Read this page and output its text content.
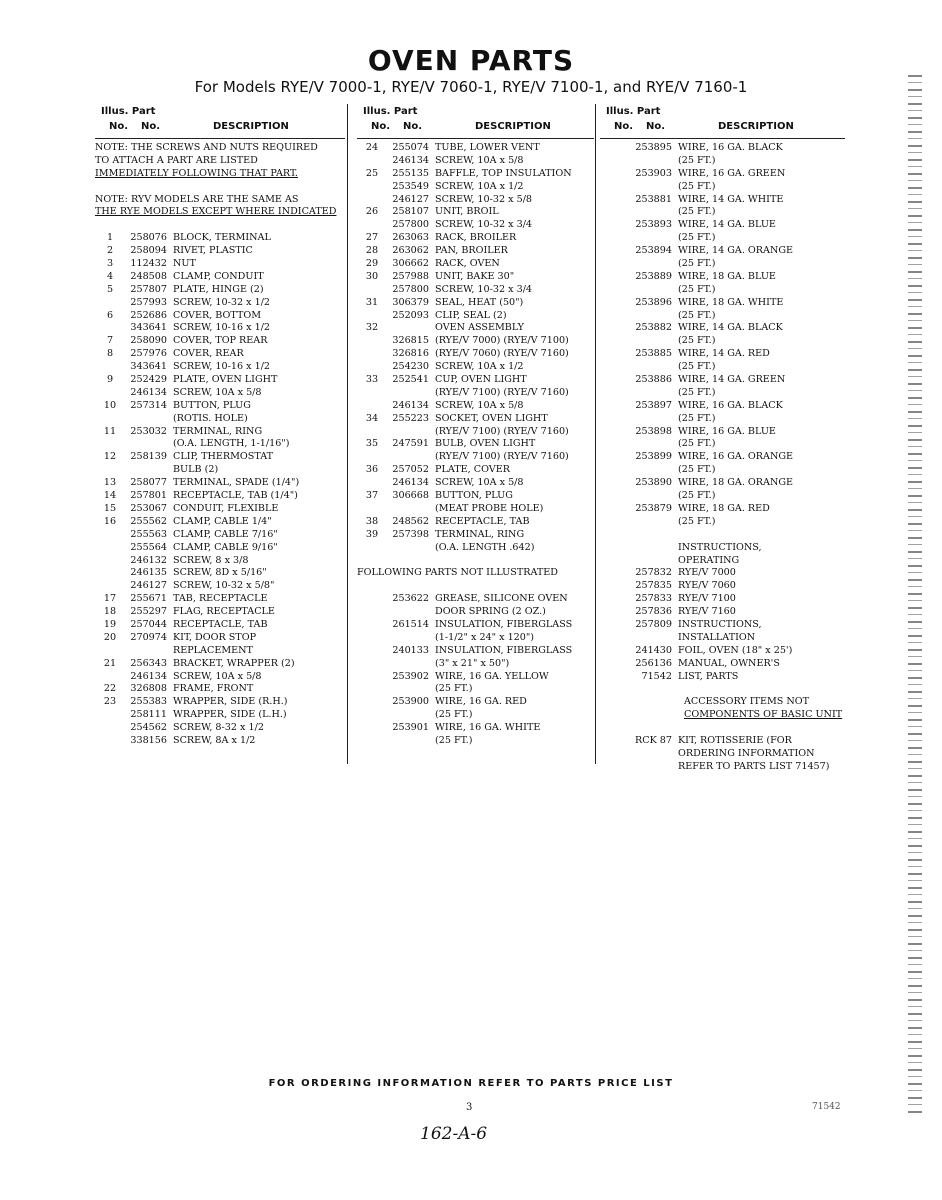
OVEN PARTS
For Models RYE/V 7000-1, RYE/V 7060-1, RYE/V 7100-1, and RYE/V 7160-1
Illus. Part
No. No.	DESCRIPTION
NOTE: THE SCREWS AND NUTS REQUIRED
TO ATTACH A PART ARE LISTED
IMMEDIATELY FOLLOWING THAT PART.
NOTE: RYV MODELS ARE THE SAME AS
THE RYE MODELS EXCEPT WHERE INDICATED
1	258076 BLOCK, TERMINAL
2	258094 RIVET, PLASTIC
3	112432 NUT
4	248508 CLAMP, CONDUIT
5	257807 PLATE, HINGE (2)
257993 SCREW, 10-32 x 1/2
6	252686 COVER, BOTTOM
343641 SCREW, 10-16 x 1/2
7	258090 COVER, TOP REAR
8	257976 COVER, REAR
343641 SCREW, 10-16 x 1/2
9	252429 PLATE, OVEN LIGHT
246134 SCREW, 10A x 5/8
10	257314 BUTTON, PLUG
(ROTIS. HOLE)
11	253032 TERMINAL, RING
(O.A. LENGTH, 1-1/16")
12	258139 CLIP, THERMOSTAT
BULB (2)
13	258077 TERMINAL, SPADE (1/4")
14	257801 RECEPTACLE, TAB (1/4")
15	253067 CONDUIT, FLEXIBLE
16	255562 CLAMP, CABLE 1/4"
255563 CLAMP, CABLE 7/16"
255564 CLAMP, CABLE 9/16"
246132 SCREW, 8 x 3/8
246135 SCREW, 8D x 5/16"
246127 SCREW, 10-32 x 5/8"
17	255671 TAB, RECEPTACLE
18	255297 FLAG, RECEPTACLE
19	257044 RECEPTACLE, TAB
20	270974 KIT, DOOR STOP
REPLACEMENT
21	256343 BRACKET, WRAPPER (2)
246134 SCREW, 10A x 5/8
22	326808 FRAME, FRONT
23	255383 WRAPPER, SIDE (R.H.)
258111 WRAPPER, SIDE (L.H.)
254562 SCREW, 8-32 x 1/2
338156 SCREW, 8A x 1/2
Illus. Part
No. No.	DESCRIPTION
24	255074 TUBE, LOWER VENT
246134 SCREW, 10A x 5/8
25	255135 BAFFLE, TOP INSULATION
253549 SCREW, 10A x 1/2
246127 SCREW, 10-32 x 5/8
26	258107 UNIT, BROIL
257800 SCREW, 10-32 x 3/4
27	263063 RACK, BROILER
28	263062 PAN, BROILER
29	306662 RACK, OVEN
30	257988 UNIT, BAKE 30"
257800 SCREW, 10-32 x 3/4
31	306379 SEAL, HEAT (50")
252093 CLIP, SEAL (2)
32	OVEN ASSEMBLY
326815 (RYE/V 7000) (RYE/V 7100)
326816 (RYE/V 7060) (RYE/V 7160)
254230 SCREW, 10A x 1/2
33	252541 CUP, OVEN LIGHT
(RYE/V 7100) (RYE/V 7160)
246134 SCREW, 10A x 5/8
34	255223 SOCKET, OVEN LIGHT
(RYE/V 7100) (RYE/V 7160)
35	247591 BULB, OVEN LIGHT
(RYE/V 7100) (RYE/V 7160)
36	257052 PLATE, COVER
246134 SCREW, 10A x 5/8
37	306668 BUTTON, PLUG
(MEAT PROBE HOLE)
38	248562 RECEPTACLE, TAB
39	257398 TERMINAL, RING
(O.A. LENGTH .642)
FOLLOWING PARTS NOT ILLUSTRATED
253622 GREASE, SILICONE OVEN
DOOR SPRING (2 OZ.)
261514 INSULATION, FIBERGLASS
(1-1/2" x 24" x 120")
240133 INSULATION, FIBERGLASS
(3" x 21" x 50")
253902 WIRE, 16 GA. YELLOW
(25 FT.)
253900 WIRE, 16 GA. RED
(25 FT.)
253901 WIRE, 16 GA. WHITE
(25 FT.)
Illus. Part
No. No.	DESCRIPTION
253895 WIRE, 16 GA. BLACK
(25 FT.)
253903 WIRE, 16 GA. GREEN
(25 FT.)
253881 WIRE, 14 GA. WHITE
(25 FT.)
253893 WIRE, 14 GA. BLUE
(25 FT.)
253894 WIRE, 14 GA. ORANGE
(25 FT.)
253889 WIRE, 18 GA. BLUE
(25 FT.)
253896 WIRE, 18 GA. WHITE
(25 FT.)
253882 WIRE, 14 GA. BLACK
(25 FT.)
253885 WIRE, 14 GA. RED
(25 FT.)
253886 WIRE, 14 GA. GREEN
(25 FT.)
253897 WIRE, 16 GA. BLACK
(25 FT.)
253898 WIRE, 16 GA. BLUE
(25 FT.)
253899 WIRE, 16 GA. ORANGE
(25 FT.)
253890 WIRE, 18 GA. ORANGE
(25 FT.)
253879 WIRE, 18 GA. RED
(25 FT.)
INSTRUCTIONS,
OPERATING
257832 RYE/V 7000
257835 RYE/V 7060
257833 RYE/V 7100
257836 RYE/V 7160
257809 INSTRUCTIONS,
INSTALLATION
241430 FOIL, OVEN (18" x 25')
256136 MANUAL, OWNER'S
71542 LIST, PARTS
ACCESSORY ITEMS NOT
COMPONENTS OF BASIC UNIT
RCK 87 KIT, ROTISSERIE (FOR
ORDERING INFORMATION
REFER TO PARTS LIST 71457)
FOR ORDERING INFORMATION REFER TO PARTS PRICE LIST
3	71542
162-A-6
